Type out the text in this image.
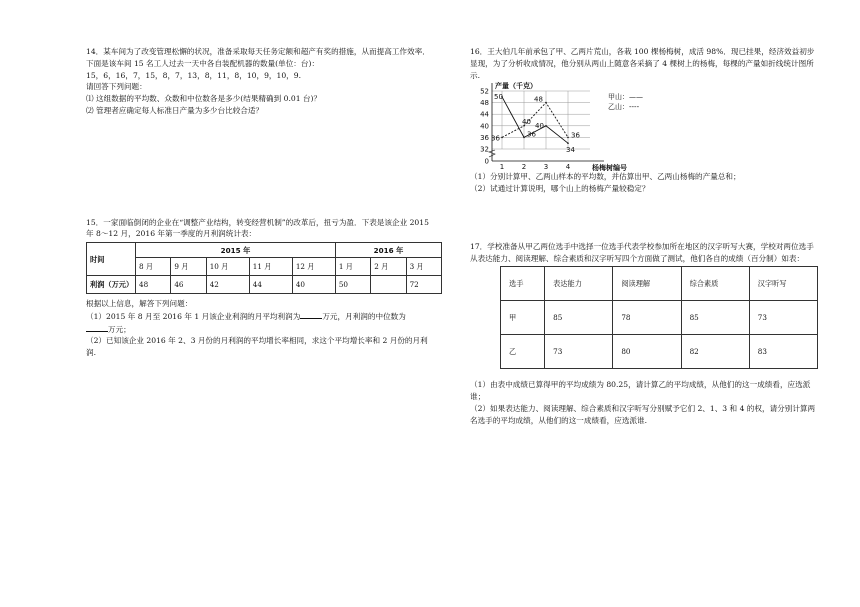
14．某车间为了改变管理松懈的状况，准备采取每天任务定额和超产有奖的措施，从而提高工作效率．下面是该车间 15 名工人过去一天中各自装配机器的数量(单位：台)：

15，6，16，7，15，8，7，13，8，11，8，10，9，10，9.

请回答下列问题：

⑴ 这组数据的平均数、众数和中位数各是多少(结果精确到 0.01 台)？

⑵ 管理者应确定每人标准日产量为多少台比较合适？

15．一家面临倒闭的企业在“调整产业结构，转变经营机制”的改革后，扭亏为盈．下表是该企业 2015 年 8～12 月，2016 年第一季度的月利润统计表：

时间	2015 年					2016 年		
	8 月	9 月	10 月	11 月	12 月	1 月	2 月	3 月
利润（万元）	48	46	42	44	40	50		72

根据以上信息，解答下列问题：

（1）2015 年 8 月至 2016 年 1 月该企业利润的月平均利润为	万元，月利润的中位数为
万元；

（2）已知该企业 2016 年 2、3 月份的月利润的平均增长率相同，求这个平均增长率和 2 月份的月利润.

16．王大伯几年前承包了甲、乙两片荒山，各栽 100 棵杨梅树，成活 98%．现已挂果，经济效益初步显现，为了分析收成情况，他分别从两山上随意各采摘了 4 棵树上的杨梅，每棵的产量如折线统计图所示.

0
32
36
40
44
48
52
1	2	3	4
产量（千克）
杨梅树编号
甲山：——
乙山：----
50
36
40
34
36
40
48
36

（1）分别计算甲、乙两山样本的平均数，并估算出甲、乙两山杨梅的产量总和；

（2）试通过计算说明，哪个山上的杨梅产量较稳定？

17．学校准备从甲乙两位选手中选择一位选手代表学校参加所在地区的汉字听写大赛，学校对两位选手从表达能力、阅读理解、综合素质和汉字听写四个方面做了测试，他们各自的成绩（百分制）如表：

选手	表达能力	阅读理解	综合素质	汉字听写
甲	85	78	85	73
乙	73	80	82	83

（1）由表中成绩已算得甲的平均成绩为 80.25，请计算乙的平均成绩，从他们的这一成绩看，应选派谁；

（2）如果表达能力、阅读理解、综合素质和汉字听写分别赋予它们 2、1、3 和 4 的权，请分别计算两名选手的平均成绩，从他们的这一成绩看，应选派谁.
